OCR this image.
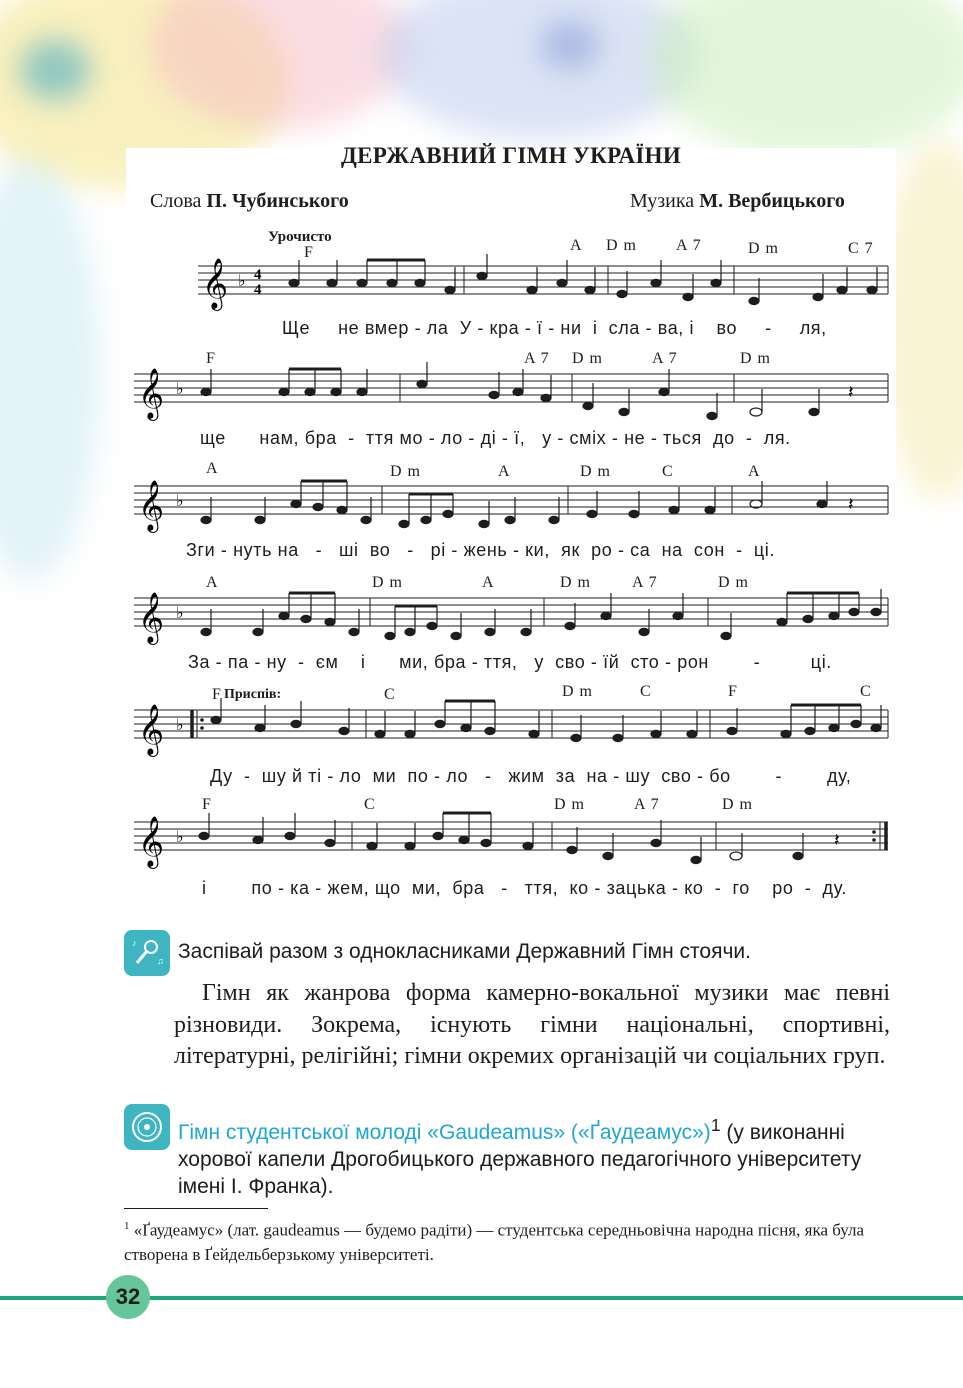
ДЕРЖАВНИЙ ГІМН УКРАЇНИ
Слова П. Чубинського	Музика М. Вербицького
Урочисто
F	A D m A 7	D m	C 7
𝄞 ♭ 4
4
Ще     не вмер - ла  У - кра - ї - ни  і  сла - ва, і    во     -     ля,
F	A 7 D m	A 7	D m
𝄞 ♭	𝄽
ще      нам, бра  -  ття мо - ло - ді - ї,   у - сміх - не - ться  до  -  ля.
A	D m	A	D m	C	A
𝄞 ♭	𝄽
Зги - нуть на   -   ші  во   -   рі - жень - ки,  як  ро - са  на  сон  -  ці.
A	D m	A	D m	A 7	D m
𝄞 ♭
За - па - ну  -  єм    і      ми, бра - ття,   у  сво - їй  сто - рон        -         ці.
F Приспів:	C	D m	C	F	C
𝄞 ♭
Ду  -  шу й ті - ло  ми  по - ло   -   жим  за  на - шу  сво - бо        -        ду,
F	C	D m	A 7	D m
𝄞 ♭	𝄽
і        по - ка - жем, що  ми,  бра   -   ття,  ко - зацька - ко  -  го    ро  -  ду.
♪
♫ Заспівай разом з однокласниками Державний Гімн стоячи.

Гімн як жанрова форма камерно-вокальної музики має певні різновиди. Зокрема, існують гімни національні, спортивні, літературні, релігійні; гімни окремих організацій чи соціальних груп.

Гімн студентської молоді «Gaudeamus» («Ґаудеамус»)$^1$ (у виконанні хорової капели Дрогобицького державного педагогічного університету імені І. Франка).
$^1$ «Ґаудеамус» (лат. gaudeamus — будемо радіти) — студентська середньовічна народна пісня, яка була створена в Ґейдельберзькому університеті.
32
